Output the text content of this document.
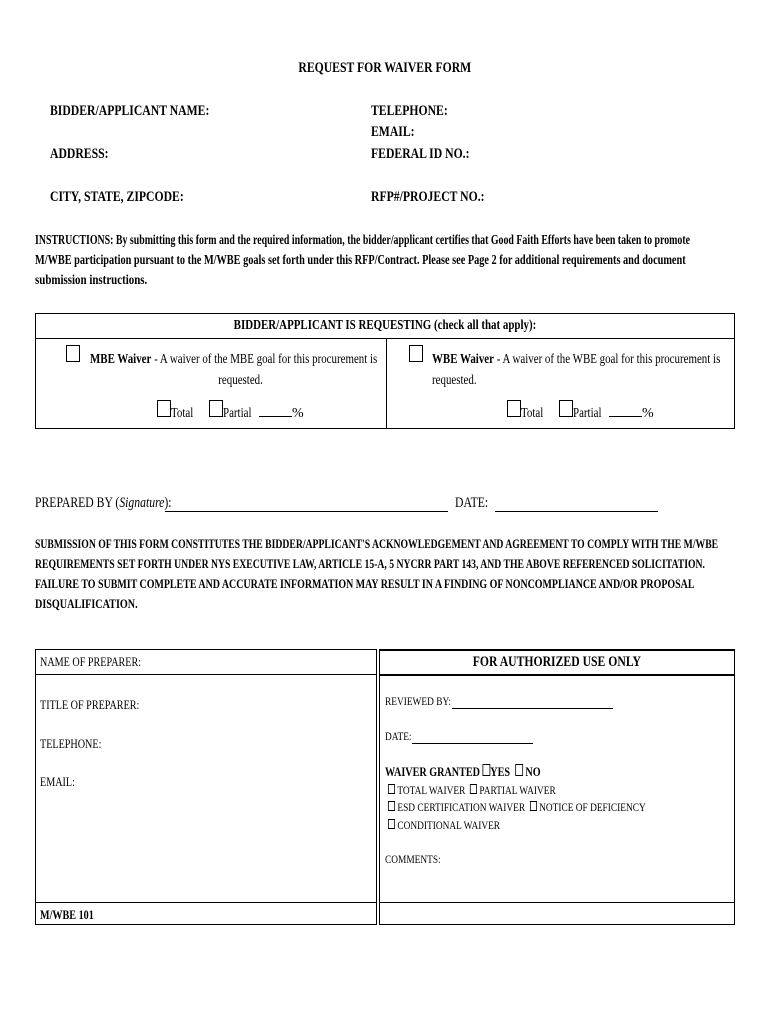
REQUEST FOR WAIVER FORM
BIDDER/APPLICANT NAME:
ADDRESS:
CITY, STATE, ZIPCODE:
TELEPHONE:
EMAIL:
FEDERAL ID NO.:
RFP#/PROJECT NO.:
INSTRUCTIONS: By submitting this form and the required information, the bidder/applicant certifies that Good Faith Efforts have been taken to promote
M/WBE participation pursuant to the M/WBE goals set forth under this RFP/Contract. Please see Page 2 for additional requirements and document
submission instructions.
BIDDER/APPLICANT IS REQUESTING (check all that apply):
MBE Waiver - A waiver of the MBE goal for this procurement is
requested.
Total Partial	%
WBE Waiver - A waiver of the WBE goal for this procurement is
requested.
Total Partial	%
PREPARED BY (Signature):	DATE:
SUBMISSION OF THIS FORM CONSTITUTES THE BIDDER/APPLICANT'S ACKNOWLEDGEMENT AND AGREEMENT TO COMPLY WITH THE M/WBE
REQUIREMENTS SET FORTH UNDER NYS EXECUTIVE LAW, ARTICLE 15-A, 5 NYCRR PART 143, AND THE ABOVE REFERENCED SOLICITATION.
FAILURE TO SUBMIT COMPLETE AND ACCURATE INFORMATION MAY RESULT IN A FINDING OF NONCOMPLIANCE AND/OR PROPOSAL
DISQUALIFICATION.
NAME OF PREPARER:
TITLE OF PREPARER:
TELEPHONE:
EMAIL:
M/WBE 101
FOR AUTHORIZED USE ONLY
REVIEWED BY:
DATE:
WAIVER GRANTED YES NO
TOTAL WAIVER PARTIAL WAIVER
ESD CERTIFICATION WAIVER NOTICE OF DEFICIENCY
CONDITIONAL WAIVER
COMMENTS:
